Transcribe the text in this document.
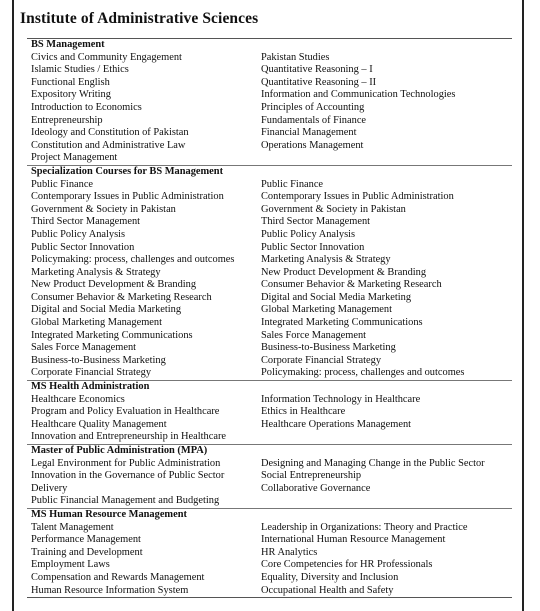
Institute of Administrative Sciences
BS Management
Civics and Community Engagement	Pakistan Studies
Islamic Studies / Ethics	Quantitative Reasoning – I
Functional English	Quantitative Reasoning – II
Expository Writing	Information and Communication Technologies
Introduction to Economics	Principles of Accounting
Entrepreneurship	Fundamentals of Finance
Ideology and Constitution of Pakistan	Financial Management
Constitution and Administrative Law	Operations Management
Project Management
Specialization Courses for BS Management
Public Finance	Public Finance
Contemporary Issues in Public Administration	Contemporary Issues in Public Administration
Government & Society in Pakistan	Government & Society in Pakistan
Third Sector Management	Third Sector Management
Public Policy Analysis	Public Policy Analysis
Public Sector Innovation	Public Sector Innovation
Policymaking: process, challenges and outcomes	Marketing Analysis & Strategy
Marketing Analysis & Strategy	New Product Development & Branding
New Product Development & Branding	Consumer Behavior & Marketing Research
Consumer Behavior & Marketing Research	Digital and Social Media Marketing
Digital and Social Media Marketing	Global Marketing Management
Global Marketing Management	Integrated Marketing Communications
Integrated Marketing Communications	Sales Force Management
Sales Force Management	Business-to-Business Marketing
Business-to-Business Marketing	Corporate Financial Strategy
Corporate Financial Strategy	Policymaking: process, challenges and outcomes
MS Health Administration
Healthcare Economics	Information Technology in Healthcare
Program and Policy Evaluation in Healthcare	Ethics in Healthcare
Healthcare Quality Management	Healthcare Operations Management
Innovation and Entrepreneurship in Healthcare
Master of Public Administration (MPA)
Legal Environment for Public Administration	Designing and Managing Change in the Public Sector
Innovation in the Governance of Public Sector	Social Entrepreneurship
Delivery	Collaborative Governance
Public Financial Management and Budgeting
MS Human Resource Management
Talent Management	Leadership in Organizations: Theory and Practice
Performance Management	International Human Resource Management
Training and Development	HR Analytics
Employment Laws	Core Competencies for HR Professionals
Compensation and Rewards Management	Equality, Diversity and Inclusion
Human Resource Information System	Occupational Health and Safety
